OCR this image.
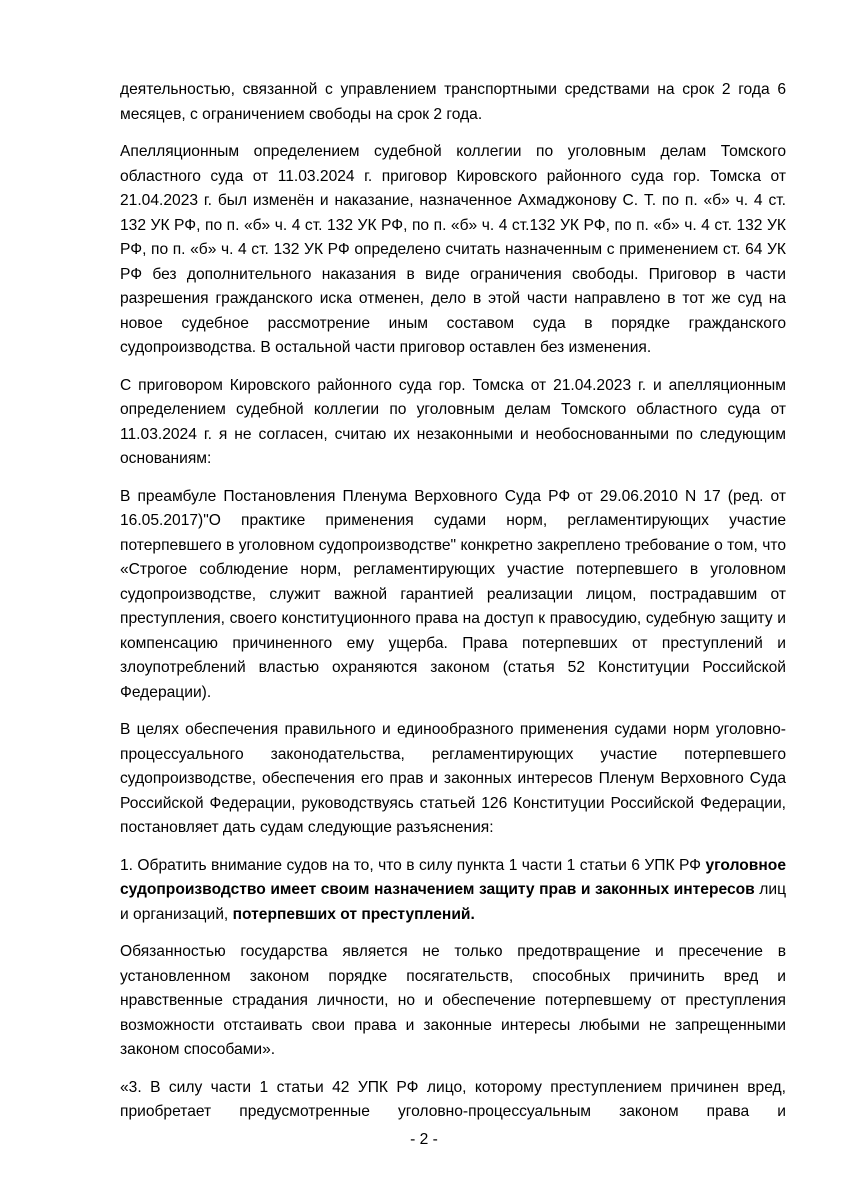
деятельностью, связанной с управлением транспортными средствами на срок 2 года 6 месяцев, с ограничением свободы на срок 2 года.

Апелляционным определением судебной коллегии по уголовным делам Томского областного суда от 11.03.2024 г. приговор Кировского районного суда гор. Томска от 21.04.2023 г. был изменён и наказание, назначенное Ахмаджонову С. Т. по п. «б» ч. 4 ст. 132 УК РФ, по п. «б» ч. 4 ст. 132 УК РФ, по п. «б» ч. 4 ст.132 УК РФ, по п. «б» ч. 4 ст. 132 УК РФ, по п. «б» ч. 4 ст. 132 УК РФ определено считать назначенным с применением ст. 64 УК РФ без дополнительного наказания в виде ограничения свободы. Приговор в части разрешения гражданского иска отменен, дело в этой части направлено в тот же суд на новое судебное рассмотрение иным составом суда в порядке гражданского судопроизводства. В остальной части приговор оставлен без изменения.

С приговором Кировского районного суда гор. Томска от 21.04.2023 г. и апелляционным определением судебной коллегии по уголовным делам Томского областного суда от 11.03.2024 г. я не согласен, считаю их незаконными и необоснованными по следующим основаниям:

В преамбуле Постановления Пленума Верховного Суда РФ от 29.06.2010 N 17 (ред. от 16.05.2017)"О практике применения судами норм, регламентирующих участие потерпевшего в уголовном судопроизводстве" конкретно закреплено требование о том, что «Строгое соблюдение норм, регламентирующих участие потерпевшего в уголовном судопроизводстве, служит важной гарантией реализации лицом, пострадавшим от преступления, своего конституционного права на доступ к правосудию, судебную защиту и компенсацию причиненного ему ущерба. Права потерпевших от преступлений и злоупотреблений властью охраняются законом (статья 52 Конституции Российской Федерации).

В целях обеспечения правильного и единообразного применения судами норм уголовно-процессуального законодательства, регламентирующих участие потерпевшего судопроизводстве, обеспечения его прав и законных интересов Пленум Верховного Суда Российской Федерации, руководствуясь статьей 126 Конституции Российской Федерации, постановляет дать судам следующие разъяснения:

1. Обратить внимание судов на то, что в силу пункта 1 части 1 статьи 6 УПК РФ уголовное судопроизводство имеет своим назначением защиту прав и законных интересов лиц и организаций, потерпевших от преступлений.

Обязанностью государства является не только предотвращение и пресечение в установленном законом порядке посягательств, способных причинить вред и нравственные страдания личности, но и обеспечение потерпевшему от преступления возможности отстаивать свои права и законные интересы любыми не запрещенными законом способами».

«3. В силу части 1 статьи 42 УПК РФ лицо, которому преступлением причинен вред, приобретает предусмотренные уголовно-процессуальным законом права и

- 2 -
